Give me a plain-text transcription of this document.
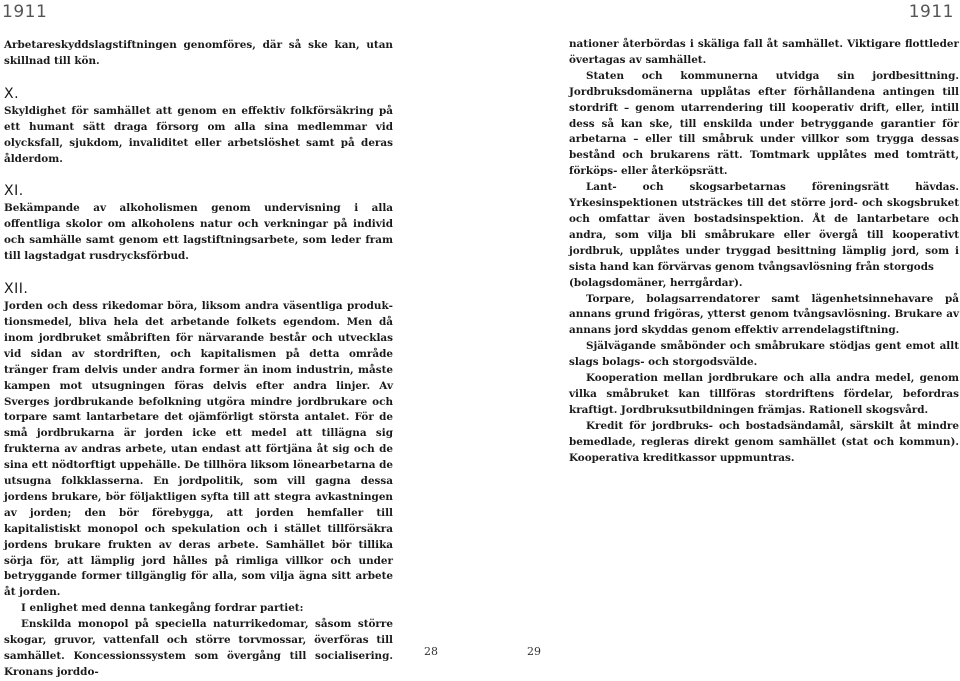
1911	1911

Arbetareskyddslagstiftningen genomföres, där så ske kan, utan skillnad till kön.

X.

Skyldighet för samhället att genom en effektiv folkförsäkring på ett humant sätt draga försorg om alla sina medlemmar vid olycksfall, sjukdom, invaliditet eller arbetslöshet samt på deras ålderdom.

XI.

Bekämpande av alkoholismen genom undervisning i alla offentliga skolor om alkoholens natur och verkningar på individ och samhälle samt genom ett lagstiftningsarbete, som leder fram till lagstadgat rusdrycksförbud.

XII.

Jorden och dess rikedomar böra, liksom andra väsentliga produktionsmedel, bliva hela det arbetande folkets egendom. Men då inom jordbruket småbriften för närvarande består och utvecklas vid sidan av stordriften, och kapitalismen på detta område tränger fram delvis under andra former än inom industrin, måste kampen mot utsugningen föras delvis efter andra linjer. Av Sverges jordbrukande befolkning utgöra mindre jordbrukare och torpare samt lantarbetare det ojämförligt största antalet. För de små jordbrukarna är jorden icke ett medel att tillägna sig frukterna av andras arbete, utan endast att förtjäna åt sig och de sina ett nödtorftigt uppehälle. De tillhöra liksom lönearbetarna de utsugna folkklasserna. En jordpolitik, som vill gagna dessa jordens brukare, bör följaktligen syfta till att stegra avkastningen av jorden; den bör förebygga, att jorden hemfaller till kapitalistiskt monopol och spekulation och i stället tillförsäkra jordens brukare frukten av deras arbete. Samhället bör tillika sörja för, att lämplig jord hålles på rimliga villkor och under betryggande former tillgänglig för alla, som vilja ägna sitt arbete åt jorden.

I enlighet med denna tankegång fordrar partiet:

Enskilda monopol på speciella naturrikedomar, såsom större skogar, gruvor, vattenfall och större torvmossar, överföras till samhället. Koncessionssystem som övergång till socialisering. Kronans jorddo-

nationer återbördas i skäliga fall åt samhället. Viktigare flottleder övertagas av samhället.

Staten och kommunerna utvidga sin jordbesittning. Jordbruksdomänerna upplåtas efter förhållandena antingen till stordrift – genom utarrendering till kooperativ drift, eller, intill dess så kan ske, till enskilda under betryggande garantier för arbetarna – eller till småbruk under villkor som trygga dessas bestånd och brukarens rätt. Tomtmark upplåtes med tomträtt, förköps- eller återköpsrätt.

Lant- och skogsarbetarnas föreningsrätt hävdas. Yrkesinspektionen utsträckes till det större jord- och skogsbruket och omfattar även bostadsinspektion. Åt de lantarbetare och andra, som vilja bli småbrukare eller övergå till kooperativt jordbruk, upplåtes under tryggad besittning lämplig jord, som i sista hand kan förvärvas genom tvångsavlösning från storgods

(bolagsdomäner, herrgårdar).

Torpare, bolagsarrendatorer samt lägenhetsinnehavare på annans grund frigöras, ytterst genom tvångsavlösning. Brukare av annans jord skyddas genom effektiv arrendelagstiftning.

Självägande småbönder och småbrukare stödjas gent emot allt slags bolags- och storgodsvälde.

Kooperation mellan jordbrukare och alla andra medel, genom vilka småbruket kan tillföras stordriftens fördelar, befordras kraftigt. Jordbruksutbildningen främjas. Rationell skogsvård.

Kredit för jordbruks- och bostadsändamål, särskilt åt mindre bemedlade, regleras direkt genom samhället (stat och kommun). Kooperativa kreditkassor uppmuntras.

28	29
